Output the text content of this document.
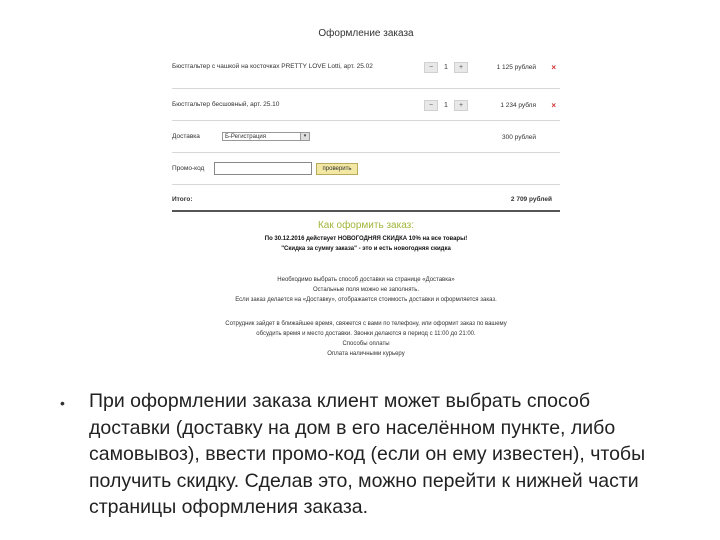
Оформление заказа
Бюстгальтер с чашкой на косточках PRETTY LOVE Lotti, арт. 25.02	−	1	+	1 125 рублей ×
Бюстгальтер бесшовный, арт. 25.10	−	1	+	1 234 рубля ×
Доставка	Б-Регистрация	▾	300 рублей
Промо-код	проверить
Итого:	2 709 рублей
Как оформить заказ:
По 30.12.2016 действует НОВОГОДНЯЯ СКИДКА 10% на все товары!
"Скидка за сумму заказа" - это и есть новогодняя скидка
Необходимо выбрать способ доставки на странице «Доставка»
Остальные поля можно не заполнять.
Если заказ делается на «Доставку», отображается стоимость доставки и оформляется заказ.
Сотрудник зайдет в ближайшее время, свяжется с вами по телефону, или оформит заказ по вашему
обсудить время и место доставки. Звонки делаются в период с 11:00 до 21:00.
Способы оплаты
Оплата наличными курьеру
• При оформлении заказа клиент может выбрать способ доставки (доставку на дом в его населённом пункте, либо самовывоз), ввести промо-код (если он ему известен), чтобы получить скидку. Сделав это, можно перейти к нижней части страницы оформления заказа.
